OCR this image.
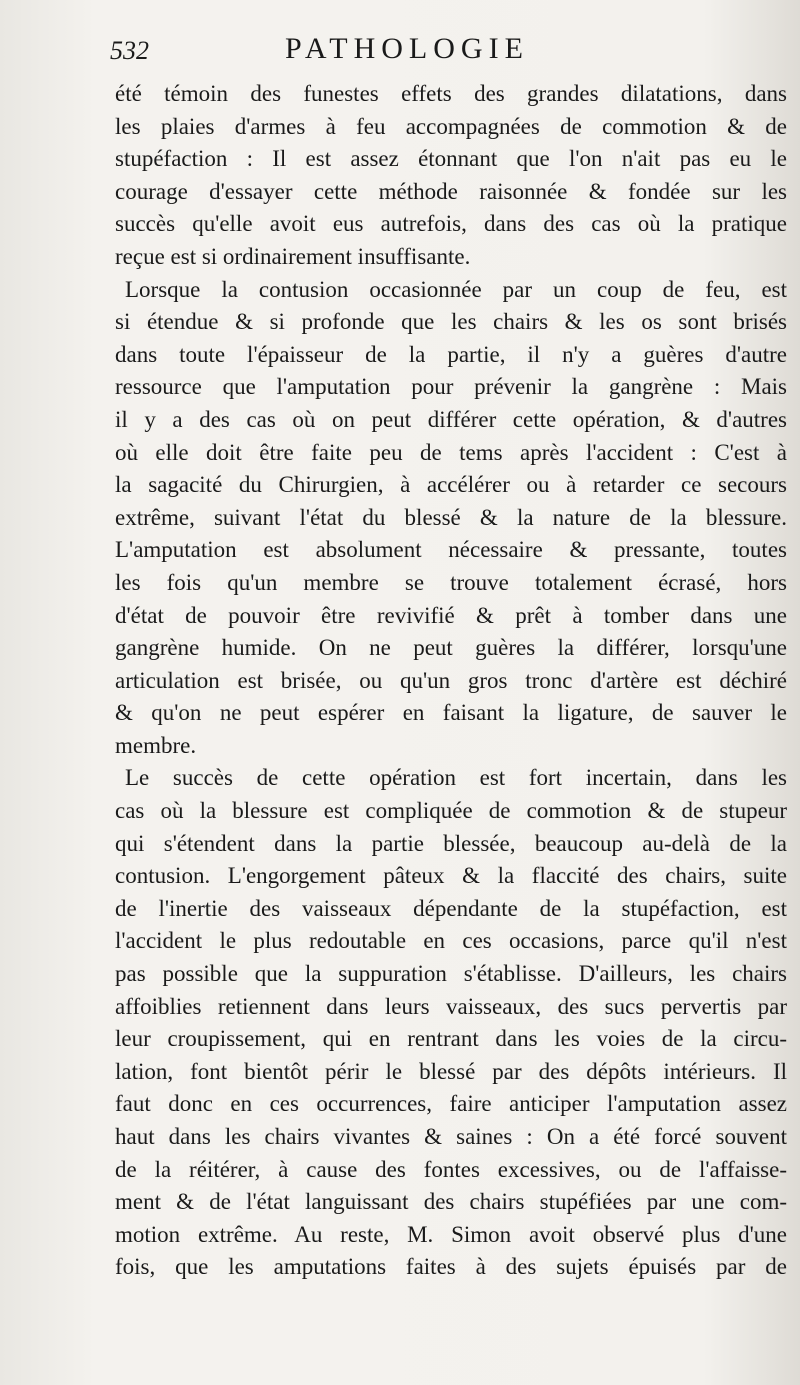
532	PATHOLOGIE
été témoin des funestes effets des grandes dilatations, dans
les plaies d'armes à feu accompagnées de commotion & de
stupéfaction : Il est assez étonnant que l'on n'ait pas eu le
courage d'essayer cette méthode raisonnée & fondée sur les
succès qu'elle avoit eus autrefois, dans des cas où la pratique
reçue est si ordinairement insuffisante.
Lorsque la contusion occasionnée par un coup de feu, est
si étendue & si profonde que les chairs & les os sont brisés
dans toute l'épaisseur de la partie, il n'y a guères d'autre
ressource que l'amputation pour prévenir la gangrène : Mais
il y a des cas où on peut différer cette opération, & d'autres
où elle doit être faite peu de tems après l'accident : C'est à
la sagacité du Chirurgien, à accélérer ou à retarder ce secours
extrême, suivant l'état du blessé & la nature de la blessure.
L'amputation est absolument nécessaire & pressante, toutes
les fois qu'un membre se trouve totalement écrasé, hors
d'état de pouvoir être revivifié & prêt à tomber dans une
gangrène humide. On ne peut guères la différer, lorsqu'une
articulation est brisée, ou qu'un gros tronc d'artère est déchiré
& qu'on ne peut espérer en faisant la ligature, de sauver le
membre.
Le succès de cette opération est fort incertain, dans les
cas où la blessure est compliquée de commotion & de stupeur
qui s'étendent dans la partie blessée, beaucoup au-delà de la
contusion. L'engorgement pâteux & la flaccité des chairs, suite
de l'inertie des vaisseaux dépendante de la stupéfaction, est
l'accident le plus redoutable en ces occasions, parce qu'il n'est
pas possible que la suppuration s'établisse. D'ailleurs, les chairs
affoiblies retiennent dans leurs vaisseaux, des sucs pervertis par
leur croupissement, qui en rentrant dans les voies de la circu-
lation, font bientôt périr le blessé par des dépôts intérieurs. Il
faut donc en ces occurrences, faire anticiper l'amputation assez
haut dans les chairs vivantes & saines : On a été forcé souvent
de la réitérer, à cause des fontes excessives, ou de l'affaisse-
ment & de l'état languissant des chairs stupéfiées par une com-
motion extrême. Au reste, M. Simon avoit observé plus d'une
fois, que les amputations faites à des sujets épuisés par de
